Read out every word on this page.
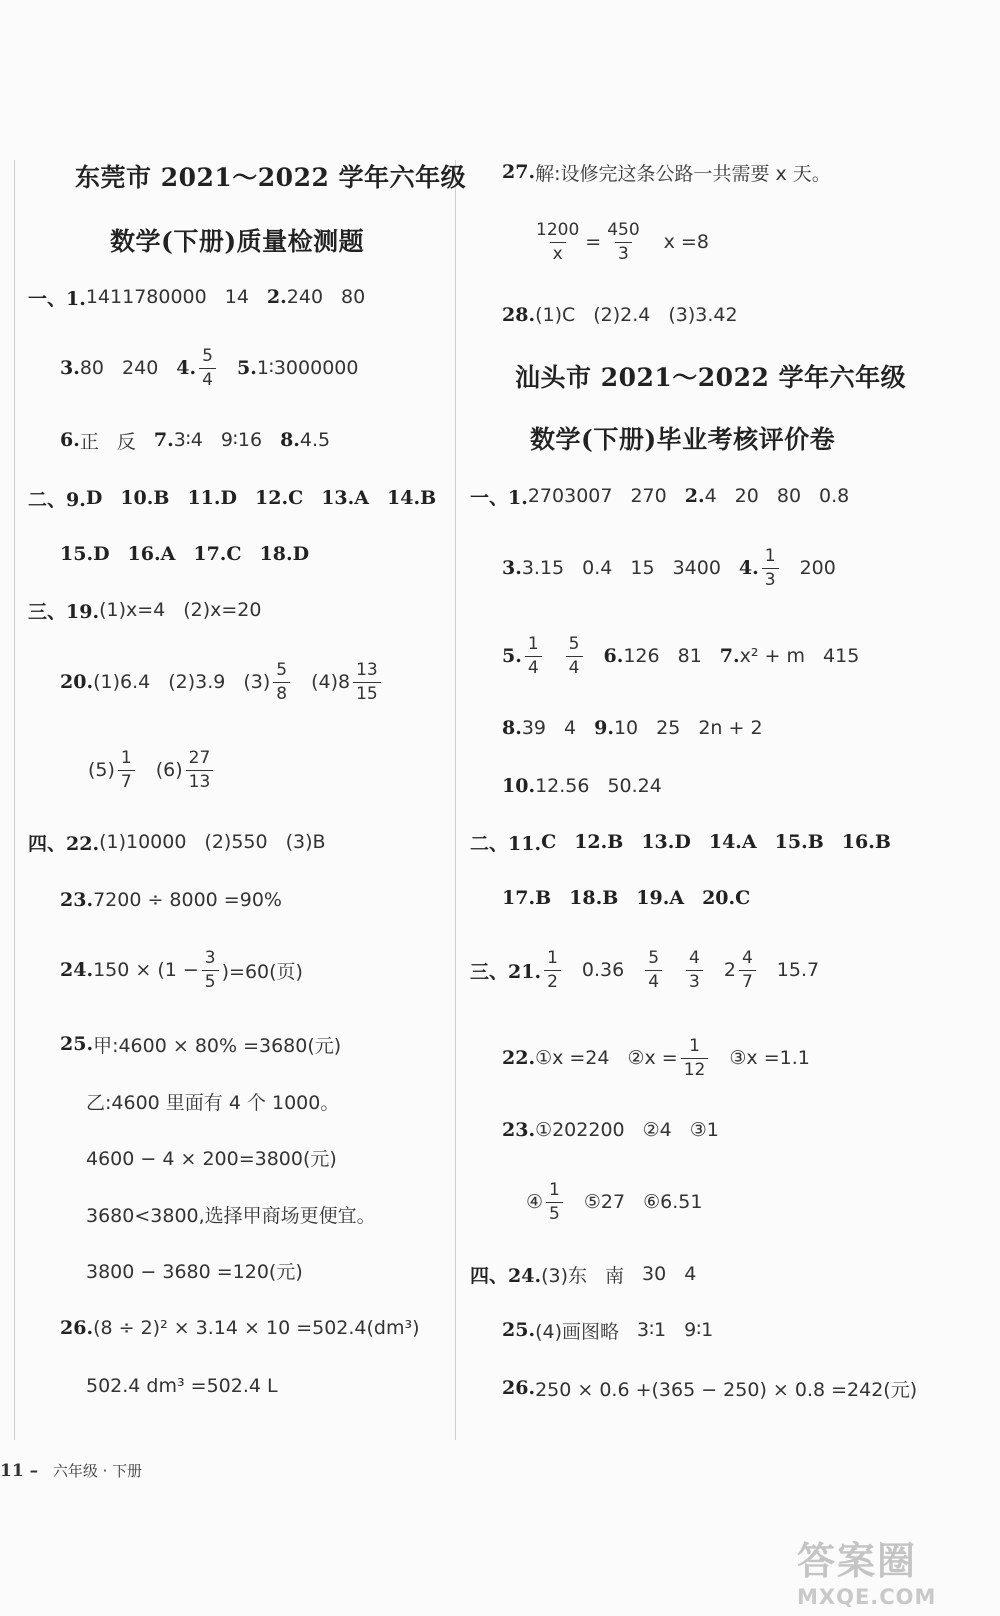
东莞市 2021～2022 学年六年级
数学(下册)质量检测题
一、1. 1411780000 14 2. 240 80
3. 80 240 4. $\frac{5}{4} 5$. 1∶3000000
6. 正 反 7. 3∶4 9∶16 8. 4.5
二、9. D 10. B 11. D 12. C 13. A 14. B
15. D 16. A 17. C 18. D
三、19. (1)x=4 (2)x=20
20. (1)6.4 (2)3.9 $(3) \frac{5}{8} (4)8 \frac{13}{15}$
$(5) \frac{1}{7} (6) \frac{27}{13}$
四、22. (1)10000 (2)550 (3)B
23. 7200 ÷ 8000 =90%
24. $150 \times (1 - \frac{3}{5} )=60$(页)
25. 甲:4600 × 80% =3680(元)
乙:4600 里面有 4 个 1000。
4600 − 4 × 200=3800(元)
3680<3800,选择甲商场更便宜。
3800 − 3680 =120(元)
26. (8 ÷ 2)² × 3.14 × 10 =502.4(dm³)
502.4 dm³ =502.4 L
27. 解:设修完这条公路一共需要 x 天。
$\frac{1200}{x} = \frac{450}{3}$ x =8
28. (1)C (2)2.4 (3)3.42
汕头市 2021～2022 学年六年级
数学(下册)毕业考核评价卷
一、1. 2703007 270 2. 4 20 80 0.8
3. 3.15 0.4 15 3400 4. $\frac{1}{3} 200$
5. $\frac{1}{4} \frac{5}{4} 6$. 126 81 7. x² + m 415
8. 39 4 9. 10 25 2n + 2
10. 12.56 50.24
二、11. C 12. B 13. D 14. A 15. B 16. B
17. B 18. B 19. A 20. C
三、21. $\frac{1}{2} 0.36 \frac{5}{4} \frac{4}{3} 2 \frac{4}{7} 15.7$
22. ①x =24 ②x = $\frac{1}{12}$ ③x =1.1
23. ①202200 ②4 ③1
④ $\frac{1}{5}$ ⑤27 ⑥6.51
四、24. (3)东 南 30 4
25. (4)画图略 3∶1 9∶1
26. 250 × 0.6 +(365 − 250) × 0.8 =242(元)
11 – 六年级 · 下册
答案圈
MXQE.COM
